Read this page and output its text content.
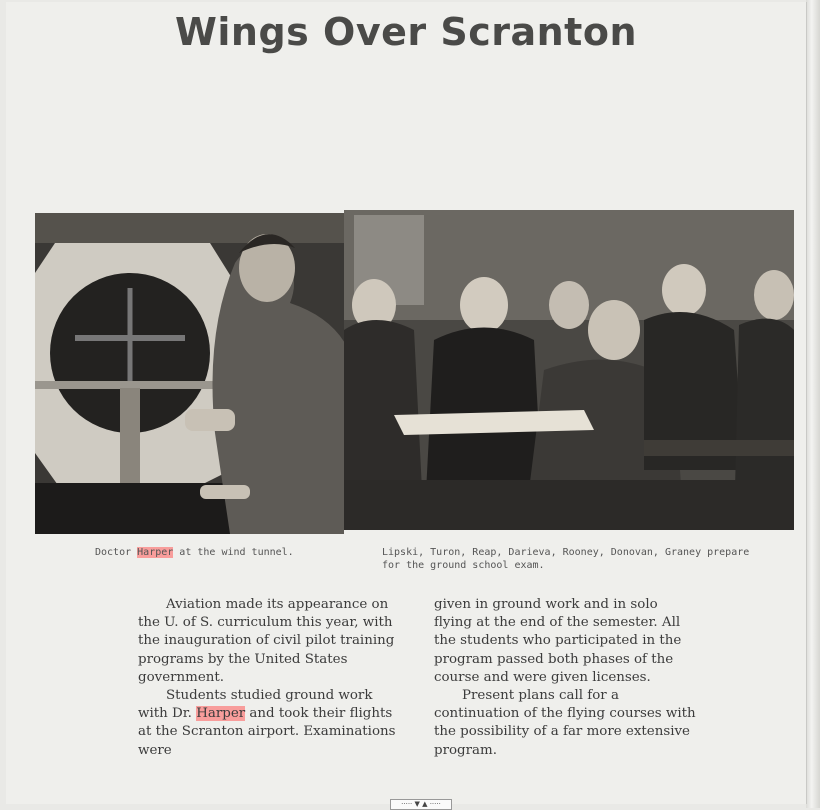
Wings Over Scranton
Doctor Harper at the wind tunnel.	Lipski, Turon, Reap, Darieva, Rooney, Donovan, Graney prepare for the ground school exam.

Aviation made its appearance on the U. of S. curriculum this year, with the inauguration of civil pilot training programs by the United States government.

Students studied ground work with Dr. Harper and took their flights at the Scranton airport. Examinations were

given in ground work and in solo flying at the end of the semester. All the students who participated in the program passed both phases of the course and were given licenses.

Present plans call for a continuation of the flying courses with the possibility of a far more extensive program.

····· ▼ ▲ ·····
